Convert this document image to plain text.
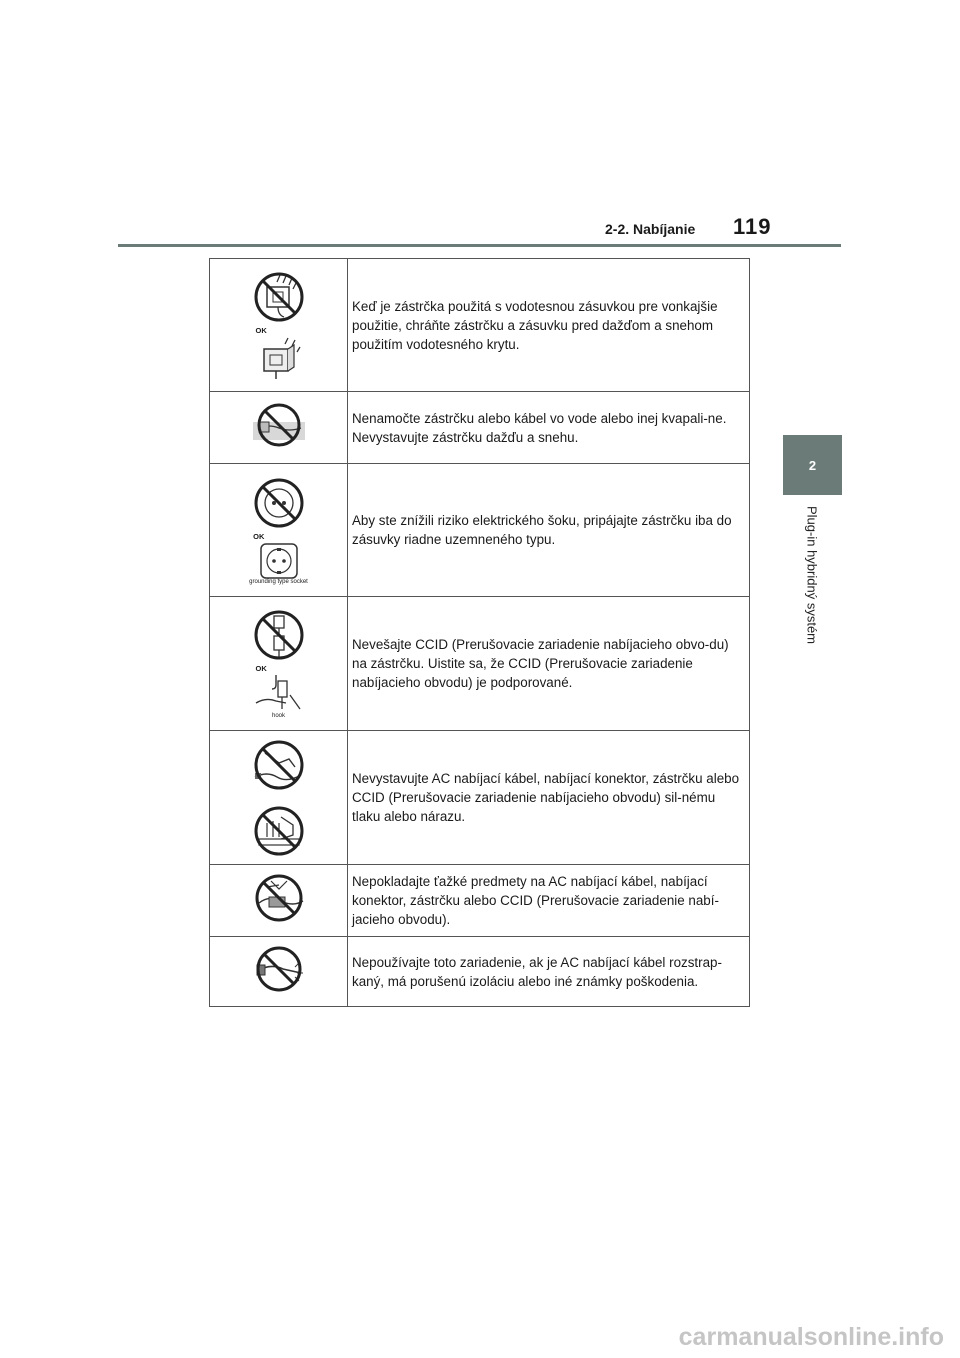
2-2. Nabíjanie 119
2
Plug-in hybridný systém
OK	Keď je zástrčka použitá s vodotesnou zásuvkou pre vonkajšie použitie, chráňte zástrčku a zásuvku pred dažďom a snehom použitím vodotesného krytu.

	Nenamočte zástrčku alebo kábel vo vode alebo inej kvapali-ne. Nevystavujte zástrčku dažďu a snehu.

OK
grounding type socket	Aby ste znížili riziko elektrického šoku, pripájajte zástrčku iba do zásuvky riadne uzemneného typu.

OK
hook	Nevešajte CCID (Prerušovacie zariadenie nabíjacieho obvo-du) na zástrčku. Uistite sa, že CCID (Prerušovacie zariadenie nabíjacieho obvodu) je podporované.

	Nevystavujte AC nabíjací kábel, nabíjací konektor, zástrčku alebo CCID (Prerušovacie zariadenie nabíjacieho obvodu) sil-nému tlaku alebo nárazu.

	Nepokladajte ťažké predmety na AC nabíjací kábel, nabíjací konektor, zástrčku alebo CCID (Prerušovacie zariadenie nabí-jacieho obvodu).

	Nepoužívajte toto zariadenie, ak je AC nabíjací kábel rozstrap-kaný, má porušenú izoláciu alebo iné známky poškodenia.
carmanualsonline.info
